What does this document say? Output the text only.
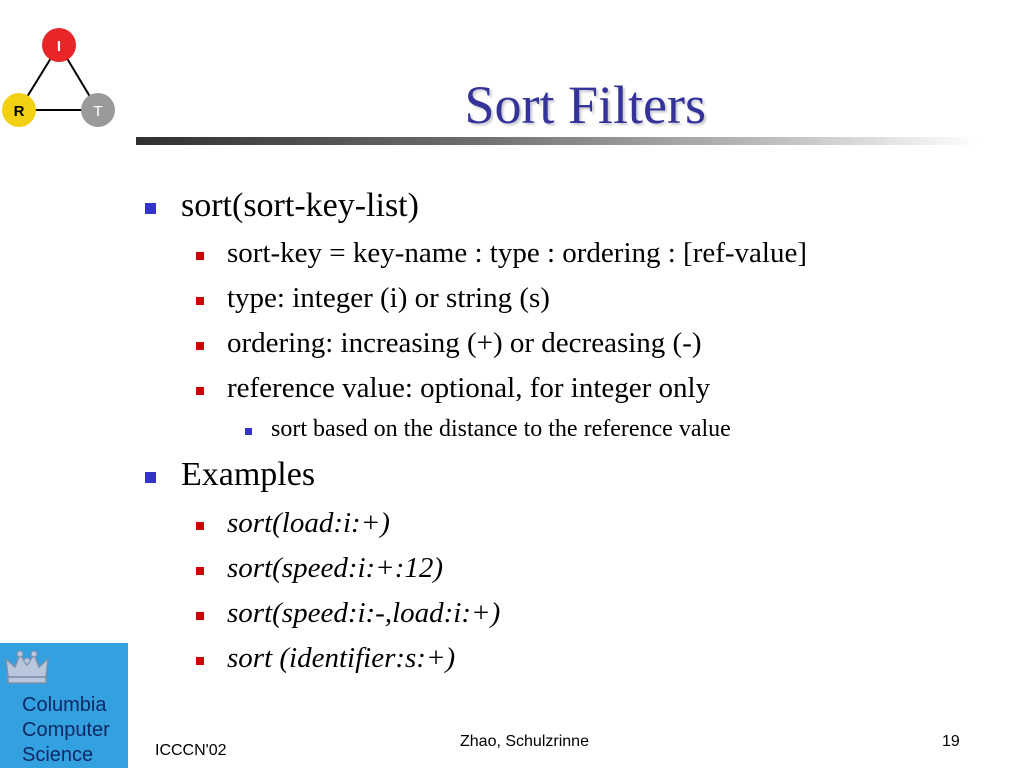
I
R	T	Sort Filters
sort(sort-key-list)
sort-key = key-name : type : ordering : [ref-value]
type: integer (i) or string (s)
ordering: increasing (+) or decreasing (-)
reference value: optional, for integer only
sort based on the distance to the reference value
Examples
sort(load:i:+)
sort(speed:i:+:12)
sort(speed:i:-,load:i:+)
sort (identifier:s:+)
Columbia
Computer
Science	ICCCN'02
Zhao, Schulzrinne	19
